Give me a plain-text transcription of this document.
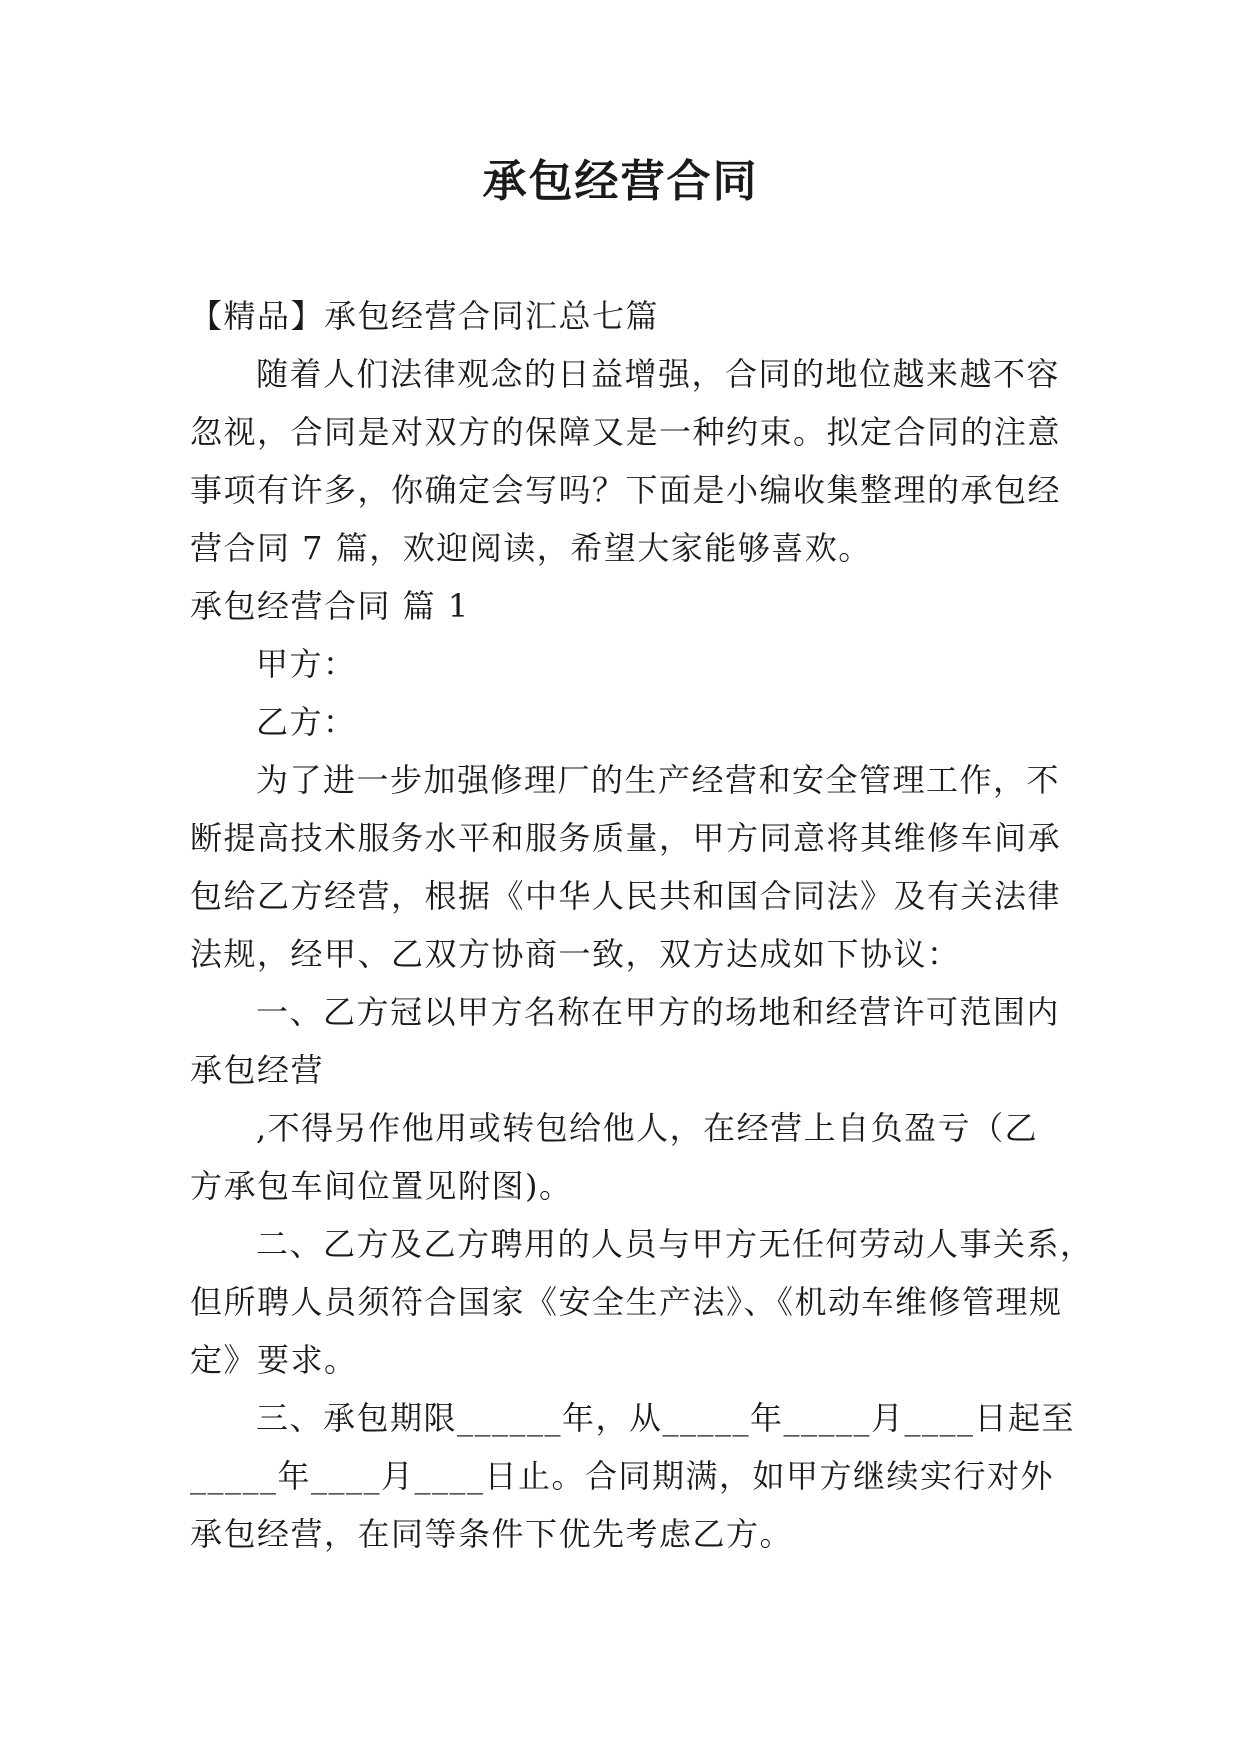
承包经营合同

【精品】承包经营合同汇总七篇

随着人们法律观念的日益增强，合同的地位越来越不容

忽视，合同是对双方的保障又是一种约束。拟定合同的注意

事项有许多，你确定会写吗？下面是小编收集整理的承包经

营合同 7 篇，欢迎阅读，希望大家能够喜欢。

承包经营合同 篇 1

甲方：

乙方：

为了进一步加强修理厂的生产经营和安全管理工作，不

断提高技术服务水平和服务质量，甲方同意将其维修车间承

包给乙方经营，根据《中华人民共和国合同法》及有关法律

法规，经甲、乙双方协商一致，双方达成如下协议：

一、乙方冠以甲方名称在甲方的场地和经营许可范围内

承包经营

,不得另作他用或转包给他人，在经营上自负盈亏（乙

方承包车间位置见附图)。

二、乙方及乙方聘用的人员与甲方无任何劳动人事关系，

但所聘人员须符合国家《安全生产法》、《机动车维修管理规

定》要求。

三、承包期限______年，从_____年_____月____日起至

_____年____月____日止。合同期满，如甲方继续实行对外

承包经营，在同等条件下优先考虑乙方。
